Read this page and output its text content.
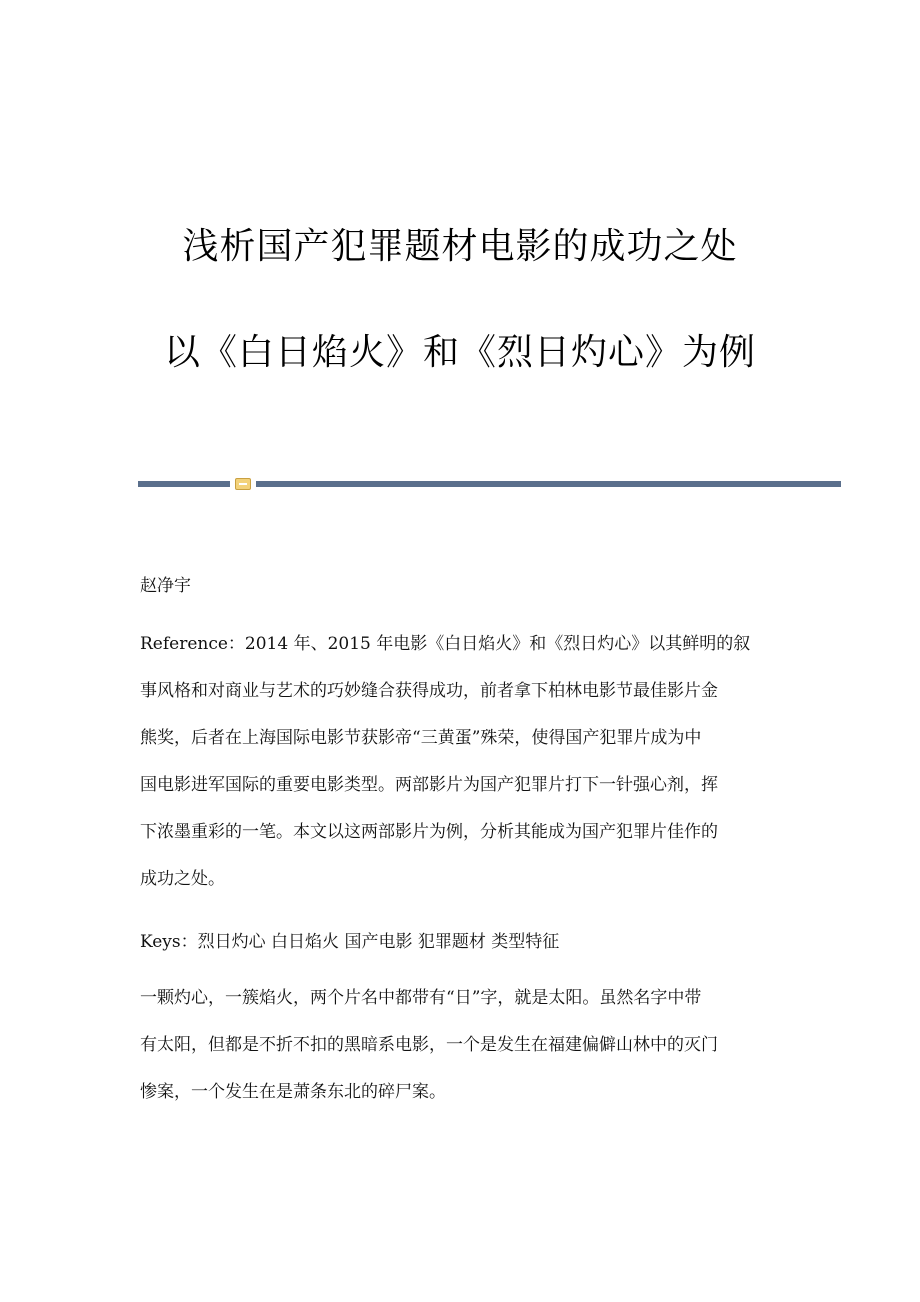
浅析国产犯罪题材电影的成功之处
以《白日焰火》和《烈日灼心》为例
赵净宇
Reference：2014 年、2015 年电影《白日焰火》和《烈日灼心》以其鲜明的叙
事风格和对商业与艺术的巧妙缝合获得成功，前者拿下柏林电影节最佳影片金
熊奖，后者在上海国际电影节获影帝“三黄蛋”殊荣，使得国产犯罪片成为中
国电影进军国际的重要电影类型。两部影片为国产犯罪片打下一针强心剂，挥
下浓墨重彩的一笔。本文以这两部影片为例，分析其能成为国产犯罪片佳作的
成功之处。
Keys：烈日灼心 白日焰火 国产电影 犯罪题材 类型特征
一颗灼心，一簇焰火，两个片名中都带有“日”字，就是太阳。虽然名字中带
有太阳，但都是不折不扣的黑暗系电影，一个是发生在福建偏僻山林中的灭门
惨案，一个发生在是萧条东北的碎尸案。
